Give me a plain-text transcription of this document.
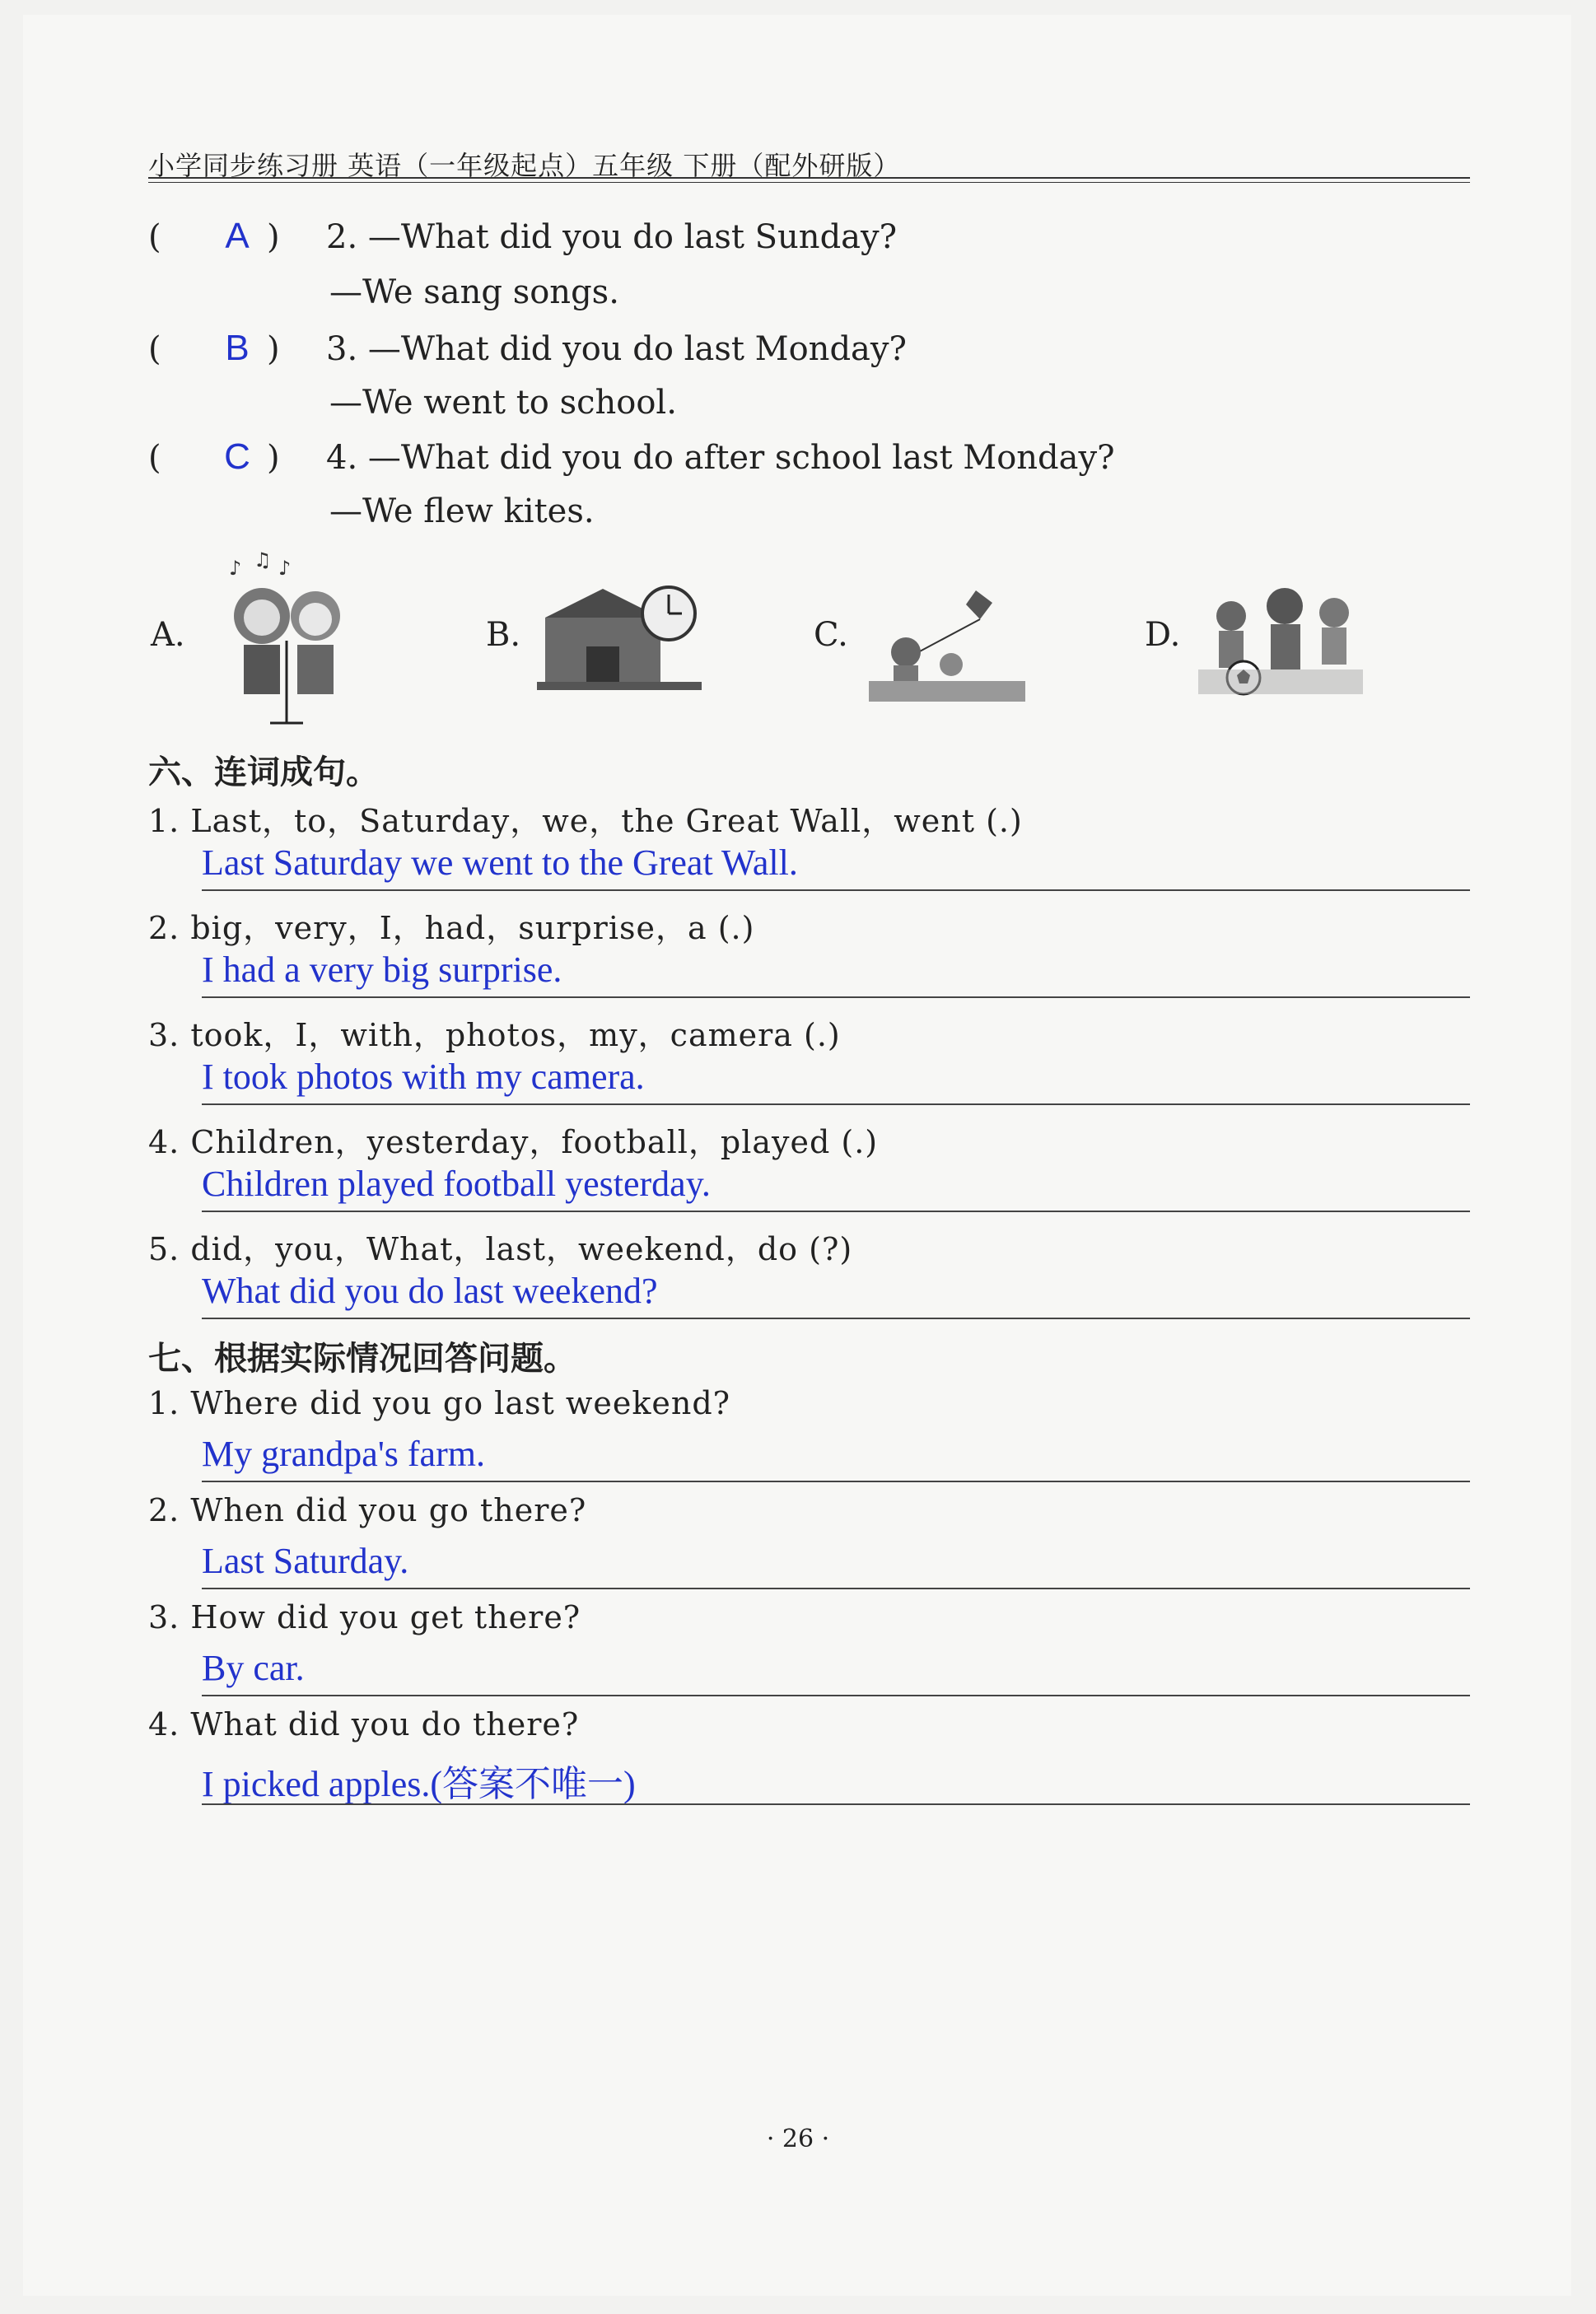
小学同步练习册 英语（一年级起点）五年级 下册（配外研版）
( A ) 2. —What did you do last Sunday?
—We sang songs.
( B ) 3. —What did you do last Monday?
—We went to school.
( C ) 4. —What did you do after school last Monday?
—We flew kites.
A.
♪ ♫ ♪
B.	C.	D.
六、连词成句。
1. Last，to，Saturday，we，the Great Wall，went (.)
Last Saturday we went to the Great Wall.
2. big，very，I，had，surprise，a (.)
I had a very big surprise.
3. took，I，with，photos，my，camera (.)
I took photos with my camera.
4. Children，yesterday，football，played (.)
Children played football yesterday.
5. did，you，What，last，weekend，do (?)
What did you do last weekend?
七、根据实际情况回答问题。
1. Where did you go last weekend?
My grandpa's farm.
2. When did you go there?
Last Saturday.
3. How did you get there?
By car.
4. What did you do there?
I picked apples.(答案不唯一)
· 26 ·
